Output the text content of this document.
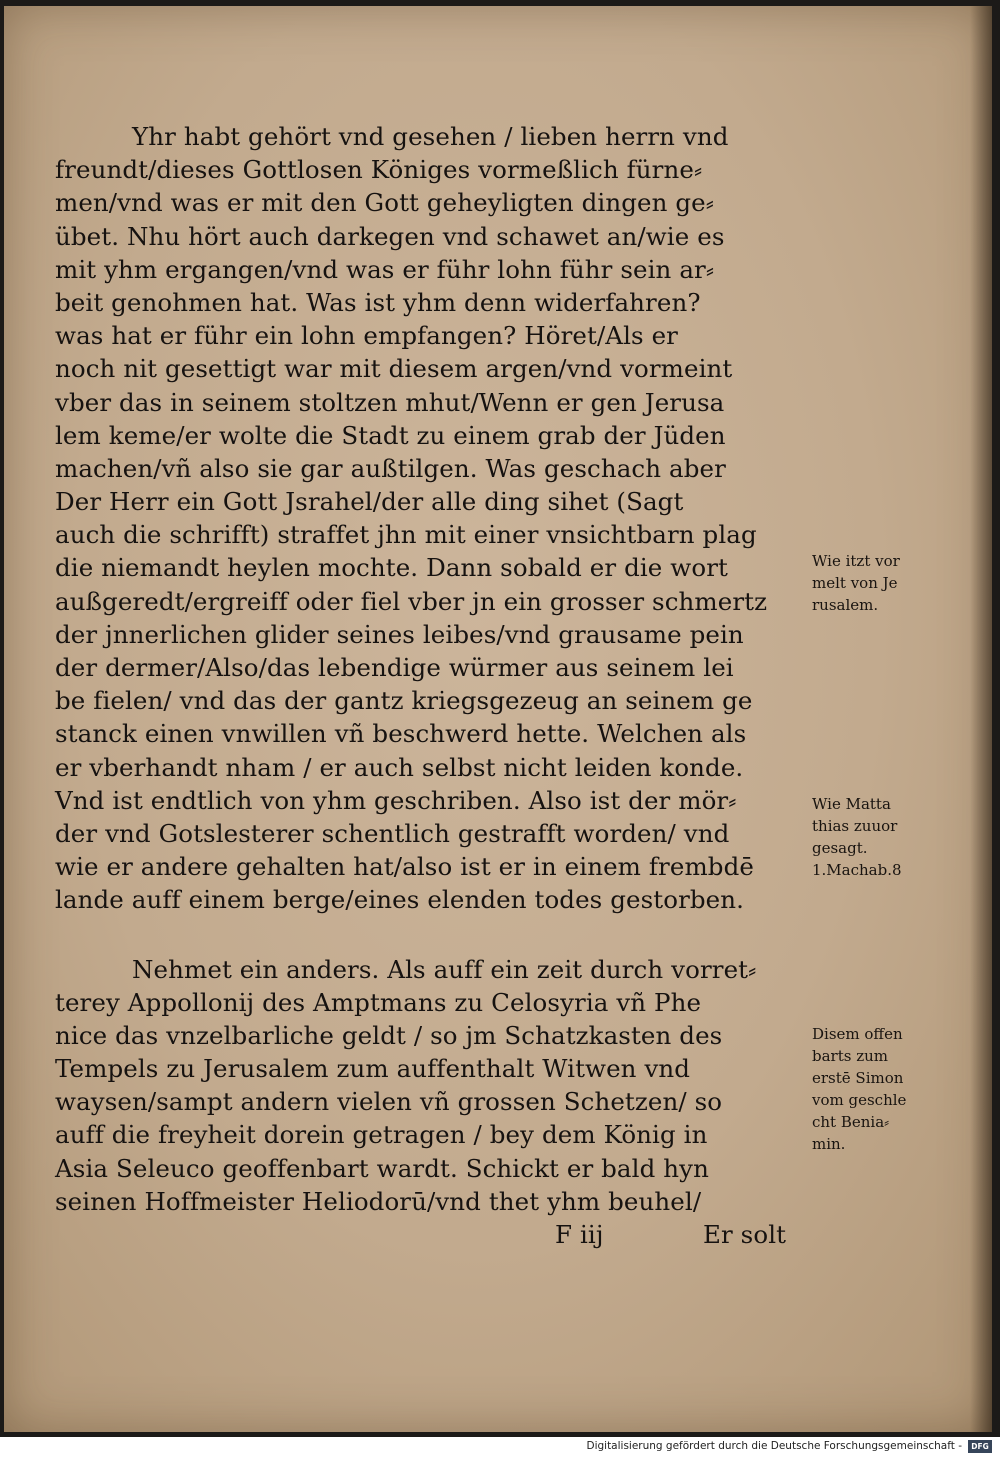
Yhr habt gehört vnd gesehen / lieben herrn vnd
freundt/dieses Gottlosen Königes vormeßlich fürne⸗
men/vnd was er mit den Gott geheyligten dingen ge⸗
übet. Nhu hört auch darkegen vnd schawet an/wie es
mit yhm ergangen/vnd was er führ lohn führ sein ar⸗
beit genohmen hat. Was ist yhm denn widerfahren?
was hat er führ ein lohn empfangen? Höret/Als er
noch nit gesettigt war mit diesem argen/vnd vormeint
vber das in seinem stoltzen mhut/Wenn er gen Jerusa
lem keme/er wolte die Stadt zu einem grab der Jüden
machen/vñ also sie gar außtilgen. Was geschach aber
Der Herr ein Gott Jsrahel/der alle ding sihet (Sagt
auch die schrifft) straffet jhn mit einer vnsichtbarn plag
die niemandt heylen mochte. Dann sobald er die wort
außgeredt/ergreiff oder fiel vber jn ein grosser schmertz
der jnnerlichen glider seines leibes/vnd grausame pein
der dermer/Also/das lebendige würmer aus seinem lei
be fielen/ vnd das der gantz kriegsgezeug an seinem ge
stanck einen vnwillen vñ beschwerd hette. Welchen als
er vberhandt nham / er auch selbst nicht leiden konde.
Vnd ist endtlich von yhm geschriben. Also ist der mör⸗
der vnd Gotslesterer schentlich gestrafft worden/ vnd
wie er andere gehalten hat/also ist er in einem frembdē
lande auff einem berge/eines elenden todes gestorben.
Nehmet ein anders. Als auff ein zeit durch vorret⸗
terey Appollonij des Amptmans zu Celosyria vñ Phe
nice das vnzelbarliche geldt / so jm Schatzkasten des
Tempels zu Jerusalem zum auffenthalt Witwen vnd
waysen/sampt andern vielen vñ grossen Schetzen/ so
auff die freyheit dorein getragen / bey dem König in
Asia Seleuco geoffenbart wardt. Schickt er bald hyn
seinen Hoffmeister Heliodorū/vnd thet yhm beuhel/
F iij	Er solt
Wie itzt vor
melt von Je
rusalem.
Wie Matta
thias zuuor
gesagt.
1.Machab.8
Disem offen
barts zum
erstē Simon
vom geschle
cht Benia⸗
min.
Digitalisierung gefördert durch die Deutsche Forschungsgemeinschaft -	DFG
